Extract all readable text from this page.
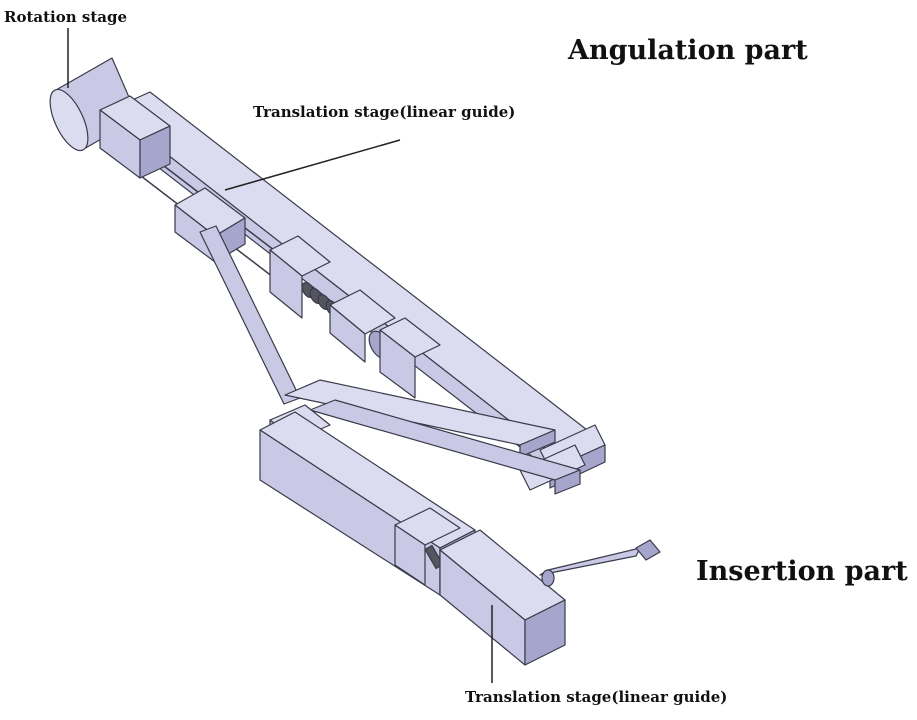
Rotation stage
Translation stage(linear guide)
Angulation part
Insertion part
Translation stage(linear guide)
